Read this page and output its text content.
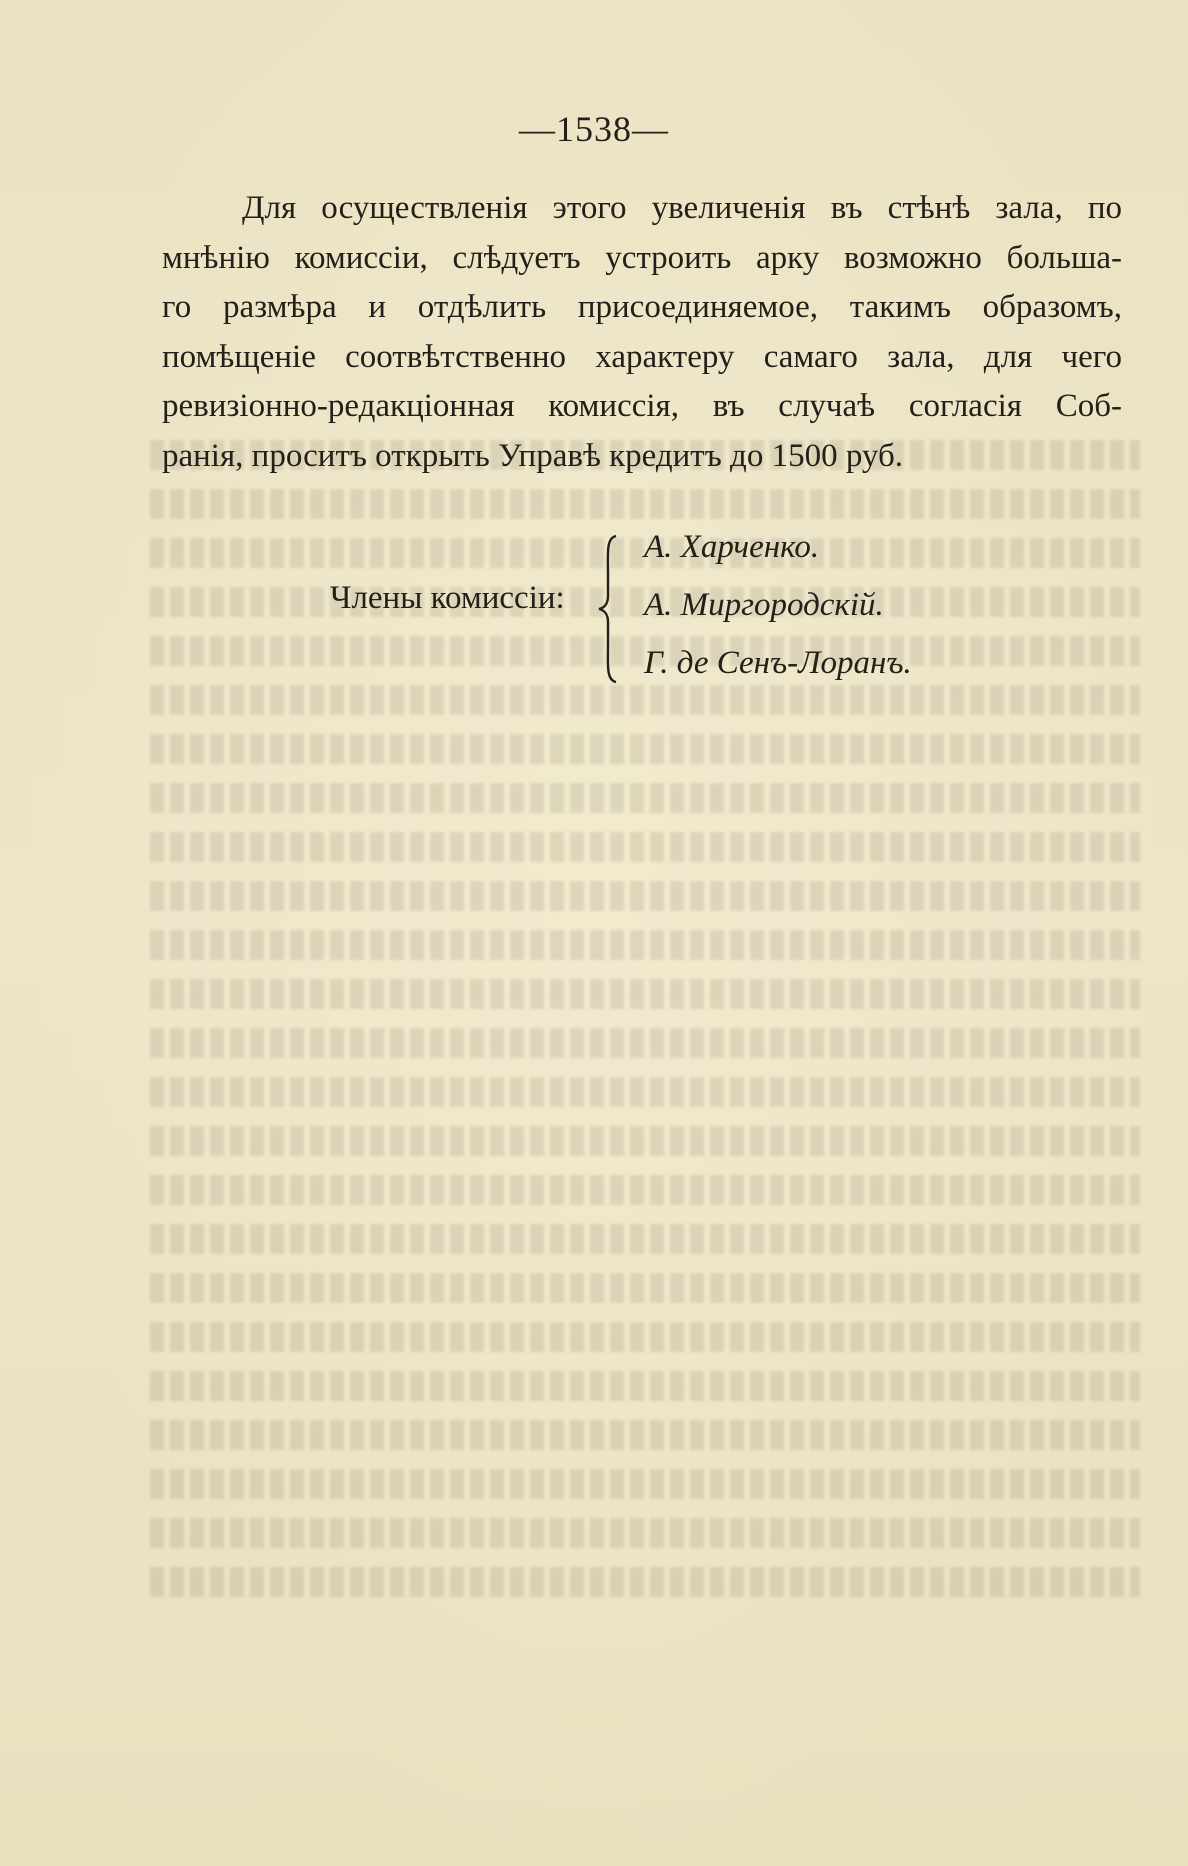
—1538—
Для осуществленія этого увеличенія въ стѣнѣ зала, по
мнѣнію комиссіи, слѣдуетъ устроить арку возможно большa-
го размѣра и отдѣлить присоединяемое, такимъ образомъ,
помѣщеніе соотвѣтственно характеру самаго зала, для чего
ревизіонно-редакціонная комиссія, въ случаѣ согласія Соб-
ранія, проситъ открыть Управѣ кредитъ до 1500 руб.
Члены комиссіи:
А. Харченко.
А. Миргородскій.
Г. де Сенъ-Лоранъ.
